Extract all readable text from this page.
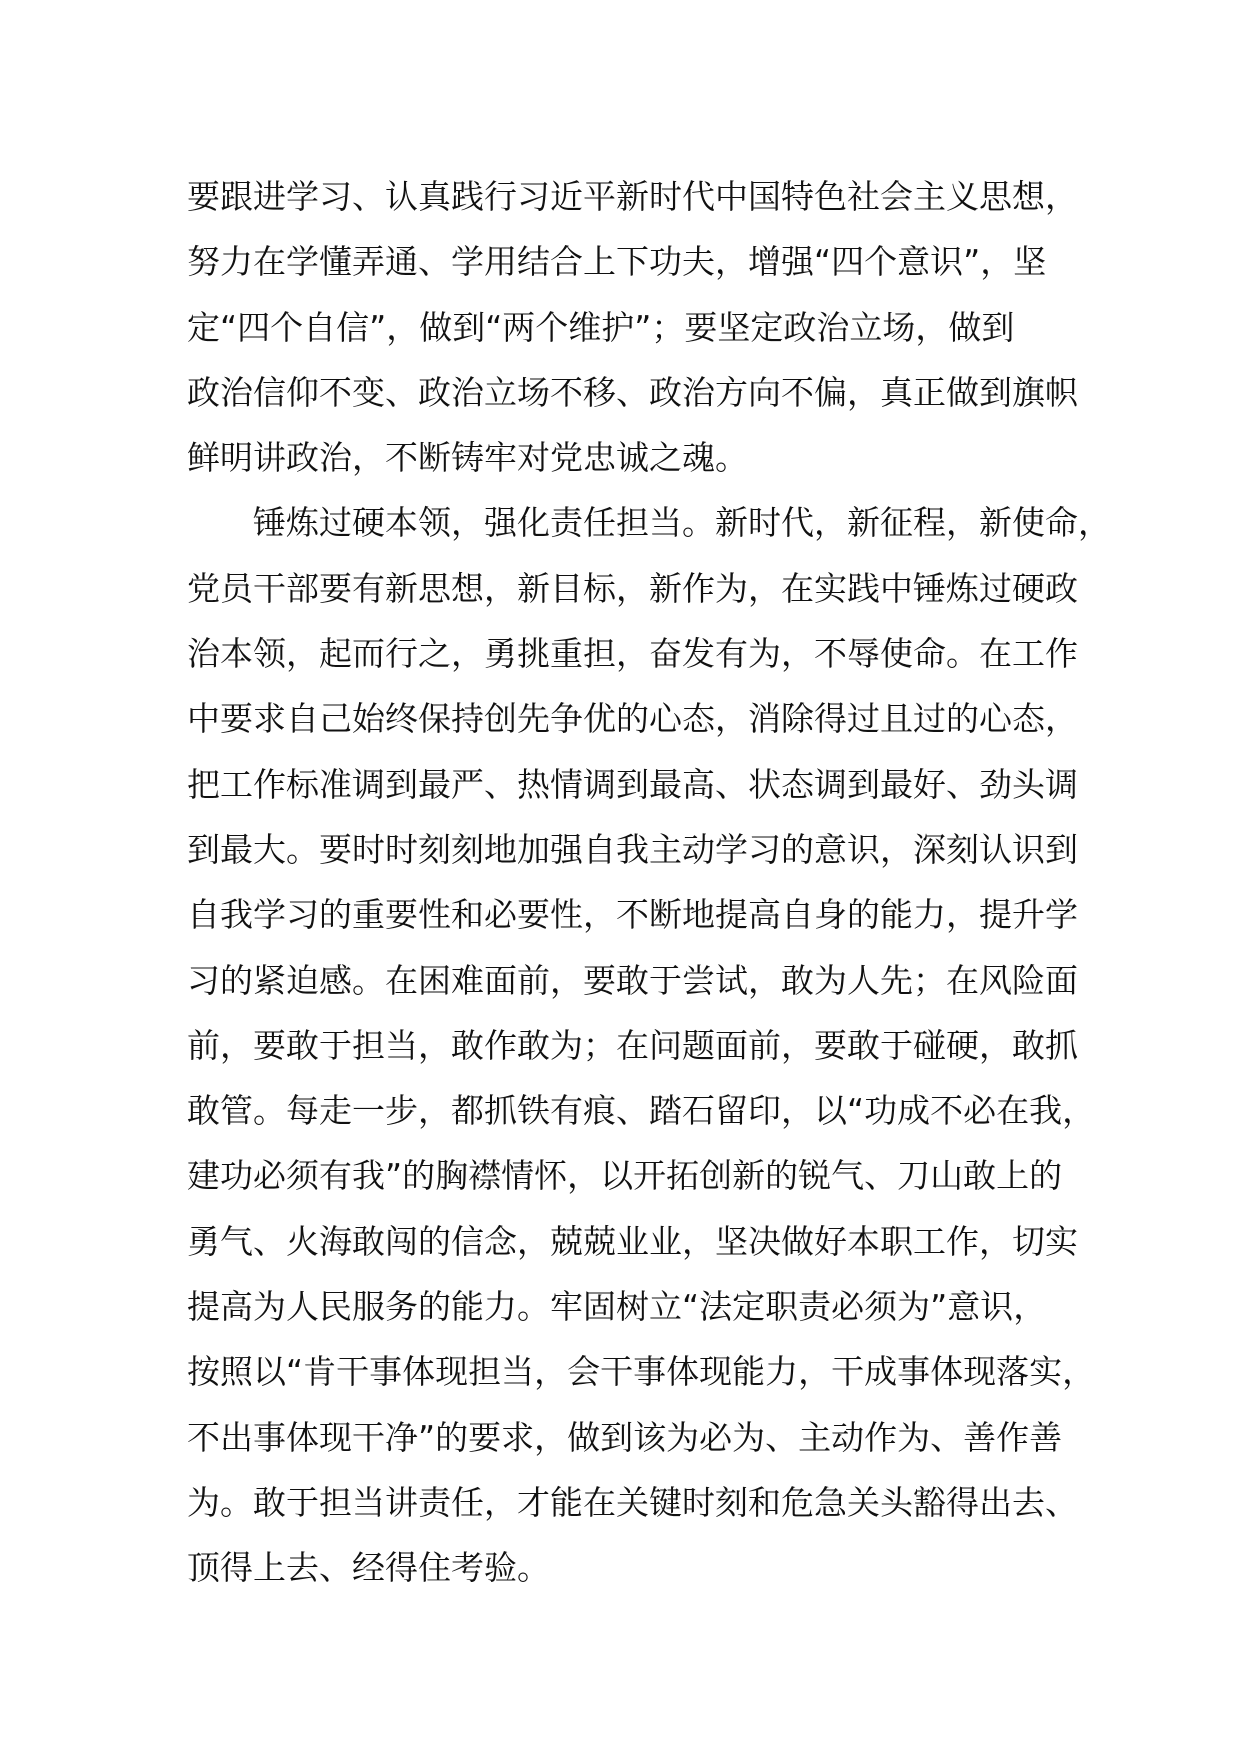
要跟进学习、认真践行习近平新时代中国特色社会主义思想，
努力在学懂弄通、学用结合上下功夫，增强“四个意识”，坚
定“四个自信”，做到“两个维护”；要坚定政治立场，做到
政治信仰不变、政治立场不移、政治方向不偏，真正做到旗帜
鲜明讲政治，不断铸牢对党忠诚之魂。
锤炼过硬本领，强化责任担当。新时代，新征程，新使命，
党员干部要有新思想，新目标，新作为，在实践中锤炼过硬政
治本领，起而行之，勇挑重担，奋发有为，不辱使命。在工作
中要求自己始终保持创先争优的心态，消除得过且过的心态，
把工作标准调到最严、热情调到最高、状态调到最好、劲头调
到最大。要时时刻刻地加强自我主动学习的意识，深刻认识到
自我学习的重要性和必要性，不断地提高自身的能力，提升学
习的紧迫感。在困难面前，要敢于尝试，敢为人先；在风险面
前，要敢于担当，敢作敢为；在问题面前，要敢于碰硬，敢抓
敢管。每走一步，都抓铁有痕、踏石留印，以“功成不必在我，
建功必须有我”的胸襟情怀，以开拓创新的锐气、刀山敢上的
勇气、火海敢闯的信念，兢兢业业，坚决做好本职工作，切实
提高为人民服务的能力。牢固树立“法定职责必须为”意识，
按照以“肯干事体现担当，会干事体现能力，干成事体现落实，
不出事体现干净”的要求，做到该为必为、主动作为、善作善
为。敢于担当讲责任，才能在关键时刻和危急关头豁得出去、
顶得上去、经得住考验。
